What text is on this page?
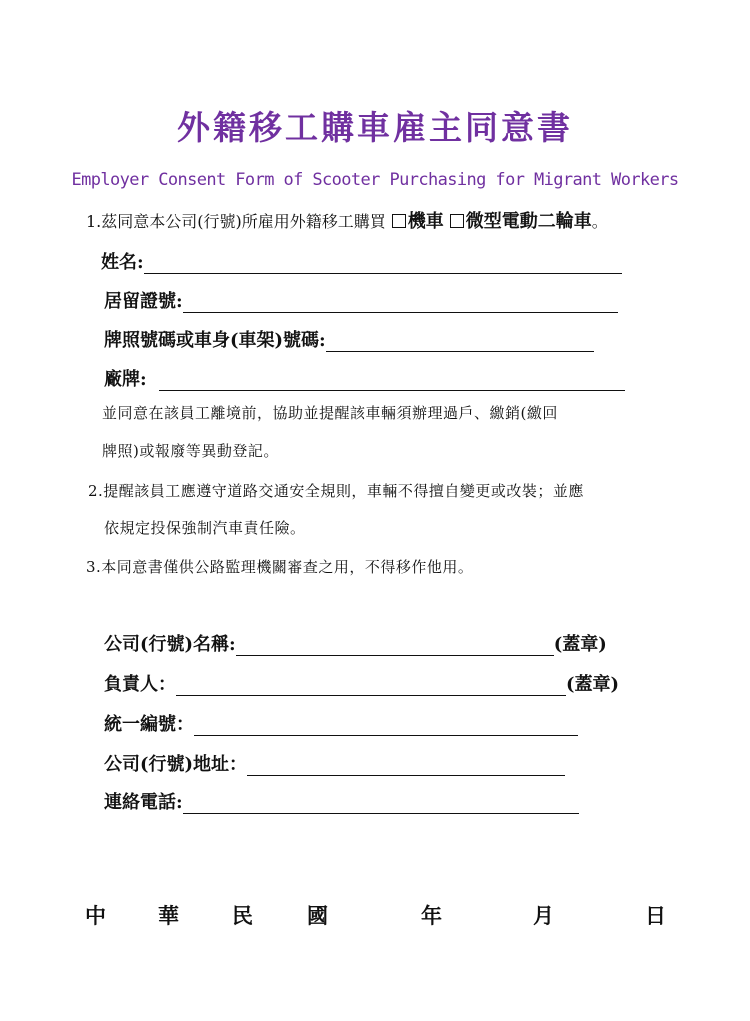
外籍移工購車雇主同意書
Employer Consent Form of Scooter Purchasing for Migrant Workers
1.茲同意本公司(行號)所雇用外籍移工購買 機車 微型電動二輪車。
姓名:
居留證號:
牌照號碼或車身(車架)號碼:
廠牌:
並同意在該員工離境前，協助並提醒該車輛須辦理過戶、繳銷(繳回
牌照)或報廢等異動登記。
2.提醒該員工應遵守道路交通安全規則，車輛不得擅自變更或改裝；並應
依規定投保強制汽車責任險。
3.本同意書僅供公路監理機關審查之用，不得移作他用。
公司(行號)名稱:	(蓋章)
負責人：	(蓋章)
統一編號：
公司(行號)地址：
連絡電話:
中 華	民	國	年	月	日
